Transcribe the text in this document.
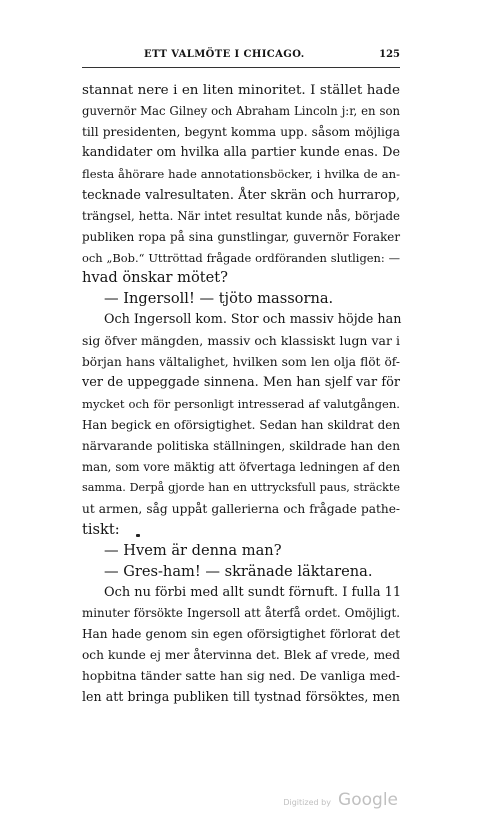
ETT VALMÖTE I CHICAGO.	125
stannat nere i en liten minoritet. I stället hade
guvernör Mac Gilney och Abraham Lincoln j:r, en son
till presidenten, begynt komma upp. såsom möjliga
kandidater om hvilka alla partier kunde enas. De
flesta åhörare hade annotationsböcker, i hvilka de an-
tecknade valresultaten. Åter skrän och hurrarop,
trängsel, hetta. När intet resultat kunde nås, började
publiken ropa på sina gunstlingar, guvernör Foraker
och „Bob.“ Uttröttad frågade ordföranden slutligen: —
hvad önskar mötet?
— Ingersoll! — tjöto massorna.
Och Ingersoll kom. Stor och massiv höjde han
sig öfver mängden, massiv och klassiskt lugn var i
början hans vältalighet, hvilken som len olja flöt öf-
ver de uppeggade sinnena. Men han sjelf var för
mycket och för personligt intresserad af valutgången.
Han begick en oförsigtighet. Sedan han skildrat den
närvarande politiska ställningen, skildrade han den
man, som vore mäktig att öfvertaga ledningen af den
samma. Derpå gjorde han en uttrycksfull paus, sträckte
ut armen, såg uppåt gallerierna och frågade pathe-
tiskt:
— Hvem är denna man?
— Gres-ham! — skränade läktarena.
Och nu förbi med allt sundt förnuft. I fulla 11
minuter försökte Ingersoll att återfå ordet. Omöjligt.
Han hade genom sin egen oförsigtighet förlorat det
och kunde ej mer återvinna det. Blek af vrede, med
hopbitna tänder satte han sig ned. De vanliga med-
len att bringa publiken till tystnad försöktes, men
Digitized by Google
